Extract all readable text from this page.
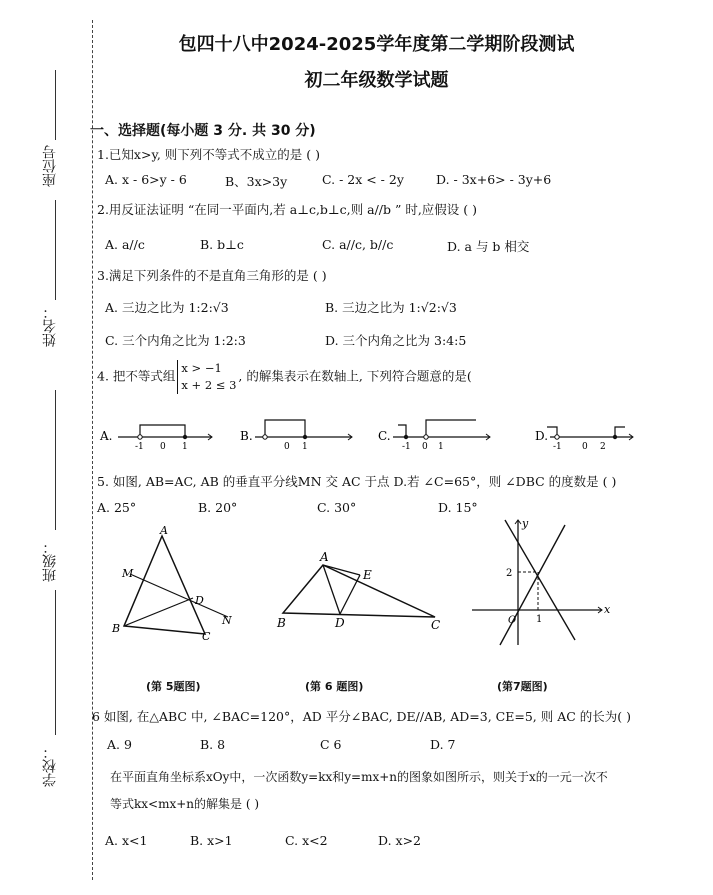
座位号
姓名：
班级：
学校：
包四十八中2024-2025学年度第二学期阶段测试
初二年级数学试题
一、选择题(每小题 3 分. 共 30 分)
1.已知x>y, 则下列不等式不成立的是 ( )
A. x - 6>y - 6	B、3x>3y	C. - 2x < - 2y	D. - 3x+6> - 3y+6
2.用反证法证明 “在同一平面内,若 a⊥c,b⊥c,则 a//b ” 时,应假设 ( )
A. a//c	B. b⊥c	C. a//c, b//c	D. a 与 b 相交
3.满足下列条件的不是直角三角形的是 ( )
A. 三边之比为 1:2:√3	B. 三边之比为 1:√2:√3
C. 三个内角之比为 1:2:3	D. 三个内角之比为 3:4:5
4. 把不等式组x > −1
x + 2 ≤ 3, 的解集表示在数轴上, 下列符合题意的是(
A.
-1 0 1
B.
0 1
C.
-1 0 1
D.
-1 0 2
5. 如图, AB=AC, AB 的垂直平分线MN 交 AC 于点 D.若 ∠C=65°，则 ∠DBC 的度数是 ( )
A. 25°	B. 20°	C. 30°	D. 15°
A
M
B
D
C
N
(第 5题图)
A
E
B	D	C
(第 6 题图)
y
x
2
O 1
(第7题图)
6 如图, 在△ABC 中, ∠BAC=120°，AD 平分∠BAC, DE//AB, AD=3, CE=5, 则 AC 的长为( )
A. 9	B. 8	C 6	D. 7
在平面直角坐标系xOy中，一次函数y=kx和y=mx+n的图象如图所示，则关于x的一元一次不
等式kx<mx+n的解集是 ( )
A. x<1	B. x>1	C. x<2	D. x>2
